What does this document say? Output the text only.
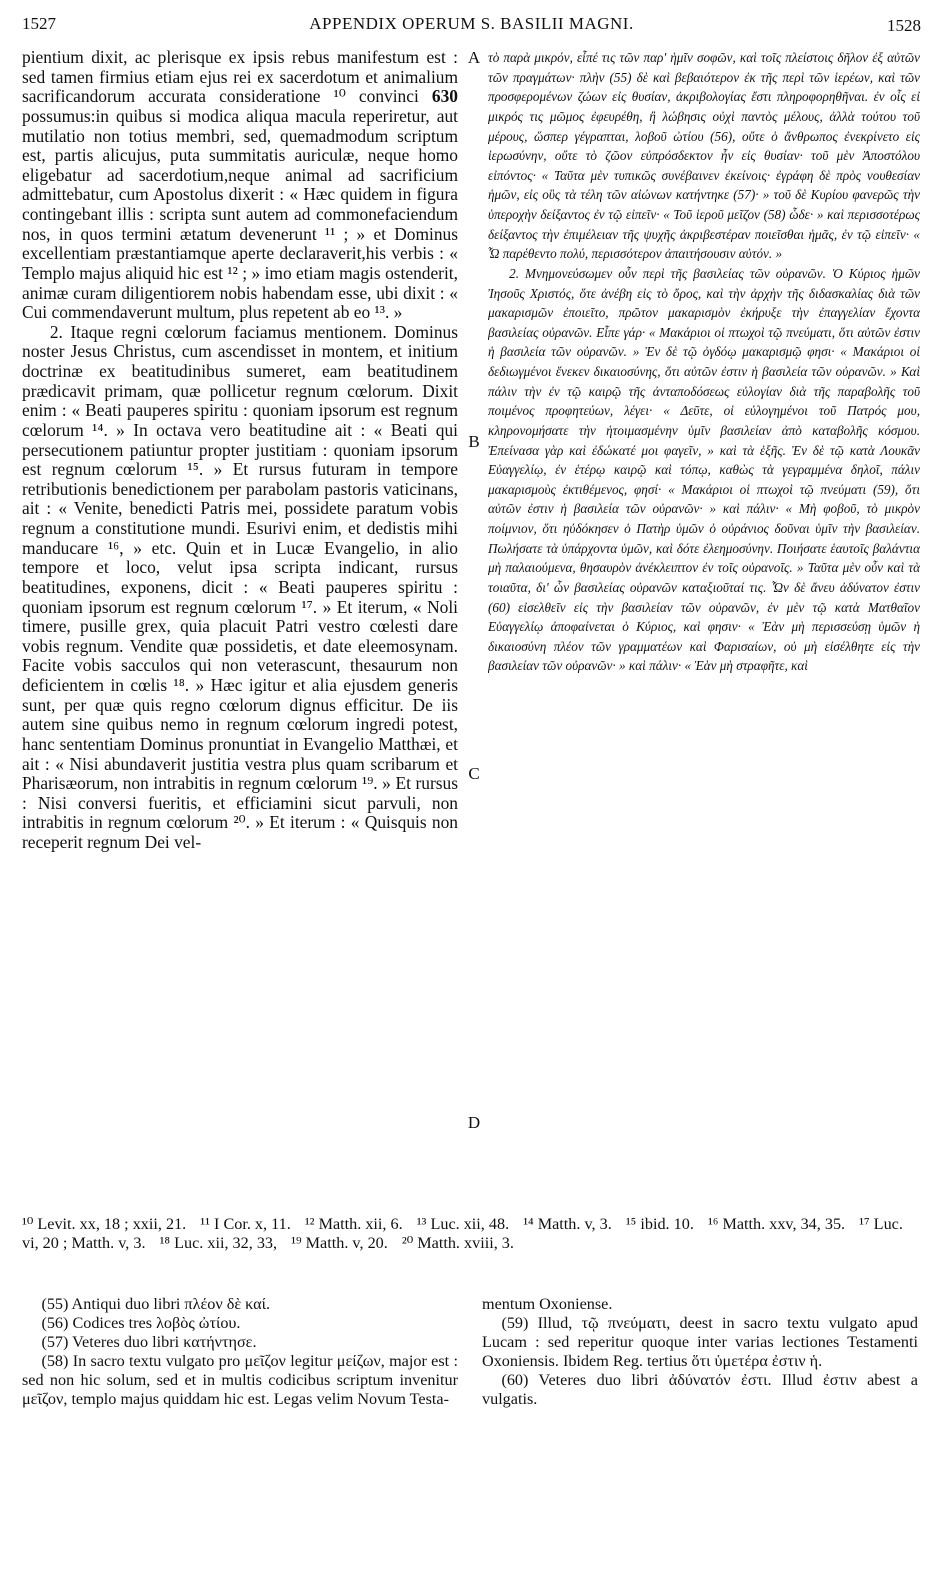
1527	APPENDIX OPERUM S. BASILII MAGNI.	1528

pientium dixit, ac plerisque ex ipsis rebus manifestum est : sed tamen firmius etiam ejus rei ex sacerdotum et animalium sacrificandorum accurata consideratione ¹⁰ convinci 630 possumus:in quibus si modica aliqua macula reperiretur, aut mutilatio non totius membri, sed, quemadmodum scriptum est, partis alicujus, puta summitatis auriculæ, neque homo eligebatur ad sacerdotium,neque animal ad sacrificium admittebatur, cum Apostolus dixerit : « Hæc quidem in figura contingebant illis : scripta sunt autem ad commonefaciendum nos, in quos termini ætatum devenerunt ¹¹ ; » et Dominus excellentiam præstantiamque aperte declaraverit,his verbis : « Templo majus aliquid hic est ¹² ; » imo etiam magis ostenderit, animæ curam diligentiorem nobis habendam esse, ubi dixit : « Cui commendaverunt multum, plus repetent ab eo ¹³. »

2. Itaque regni cœlorum faciamus mentionem. Dominus noster Jesus Christus, cum ascendisset in montem, et initium doctrinæ ex beatitudinibus sumeret, eam beatitudinem prædicavit primam, quæ pollicetur regnum cœlorum. Dixit enim : « Beati pauperes spiritu : quoniam ipsorum est regnum cœlorum ¹⁴. » In octava vero beatitudine ait : « Beati qui persecutionem patiuntur propter justitiam : quoniam ipsorum est regnum cœlorum ¹⁵. » Et rursus futuram in tempore retributionis benedictionem per parabolam pastoris vaticinans, ait : « Venite, benedicti Patris mei, possidete paratum vobis regnum a constitutione mundi. Esurivi enim, et dedistis mihi manducare ¹⁶, » etc. Quin et in Lucæ Evangelio, in alio tempore et loco, velut ipsa scripta indicant, rursus beatitudines, exponens, dicit : « Beati pauperes spiritu : quoniam ipsorum est regnum cœlorum ¹⁷. » Et iterum, « Noli timere, pusille grex, quia placuit Patri vestro cœlesti dare vobis regnum. Vendite quæ possidetis, et date eleemosynam. Facite vobis sacculos qui non veterascunt, thesaurum non deficientem in cœlis ¹⁸. » Hæc igitur et alia ejusdem generis sunt, per quæ quis regno cœlorum dignus efficitur. De iis autem sine quibus nemo in regnum cœlorum ingredi potest, hanc sententiam Dominus pronuntiat in Evangelio Matthæi, et ait : « Nisi abundaverit justitia vestra plus quam scribarum et Pharisæorum, non intrabitis in regnum cœlorum ¹⁹. » Et rursus : Nisi conversi fueritis, et efficiamini sicut parvuli, non intrabitis in regnum cœlorum ²⁰. » Et iterum : « Quisquis non receperit regnum Dei vel-

A
B
C
D

τὸ παρὰ μικρόν, εἶπέ τις τῶν παρ' ἡμῖν σοφῶν, καὶ τοῖς πλείστοις δῆλον ἐξ αὐτῶν τῶν πραγμάτων· πλὴν (55) δὲ καὶ βεβαιότερον ἐκ τῆς περὶ τῶν ἱερέων, καὶ τῶν προσφερομένων ζώων εἰς θυσίαν, ἀκριβολογίας ἔστι πληροφορηθῆναι. ἐν οἷς εἰ μικρός τις μῶμος ἐφευρέθη, ἢ λώβησις οὐχὶ παντὸς μέλους, ἀλλὰ τούτου τοῦ μέρους, ὥσπερ γέγραπται, λοβοῦ ὠτίου (56), οὔτε ὁ ἄνθρωπος ἐνεκρίνετο εἰς ἱερωσύνην, οὔτε τὸ ζῶον εὐπρόσδεκτον ἦν εἰς θυσίαν· τοῦ μὲν Ἀποστόλου εἰπόντος· « Ταῦτα μὲν τυπικῶς συνέβαινεν ἐκείνοις· ἐγράφη δὲ πρὸς νουθεσίαν ἡμῶν, εἰς οὓς τὰ τέλη τῶν αἰώνων κατήντηκε (57)· » τοῦ δὲ Κυρίου φανερῶς τὴν ὑπεροχὴν δείξαντος ἐν τῷ εἰπεῖν· « Τοῦ ἱεροῦ μεῖζον (58) ὧδε· » καὶ περισσοτέρως δείξαντος τὴν ἐπιμέλειαν τῆς ψυχῆς ἀκριβεστέραν ποιεῖσθαι ἡμᾶς, ἐν τῷ εἰπεῖν· « Ὧ παρέθεντο πολύ, περισσότερον ἀπαιτήσουσιν αὐτόν. »

2. Μνημονεύσωμεν οὖν περὶ τῆς βασιλείας τῶν οὐρανῶν. Ὁ Κύριος ἡμῶν Ἰησοῦς Χριστός, ὅτε ἀνέβη εἰς τὸ ὄρος, καὶ τὴν ἀρχὴν τῆς διδασκαλίας διὰ τῶν μακαρισμῶν ἐποιεῖτο, πρῶτον μακαρισμὸν ἐκήρυξε τὴν ἐπαγγελίαν ἔχοντα βασιλείας οὐρανῶν. Εἶπε γάρ· « Μακάριοι οἱ πτωχοὶ τῷ πνεύματι, ὅτι αὐτῶν ἐστιν ἡ βασιλεία τῶν οὐρανῶν. » Ἐν δὲ τῷ ὀγδόῳ μακαρισμῷ φησι· « Μακάριοι οἱ δεδιωγμένοι ἕνεκεν δικαιοσύνης, ὅτι αὐτῶν ἐστιν ἡ βασιλεία τῶν οὐρανῶν. » Καὶ πάλιν τὴν ἐν τῷ καιρῷ τῆς ἀνταποδόσεως εὐλογίαν διὰ τῆς παραβολῆς τοῦ ποιμένος προφητεύων, λέγει· « Δεῦτε, οἱ εὐλογημένοι τοῦ Πατρός μου, κληρονομήσατε τὴν ἡτοιμασμένην ὑμῖν βασιλείαν ἀπὸ καταβολῆς κόσμου. Ἐπείνασα γὰρ καὶ ἐδώκατέ μοι φαγεῖν, » καὶ τὰ ἑξῆς. Ἐν δὲ τῷ κατὰ Λουκᾶν Εὐαγγελίῳ, ἐν ἑτέρῳ καιρῷ καὶ τόπῳ, καθὼς τὰ γεγραμμένα δηλοῖ, πάλιν μακαρισμοὺς ἐκτιθέμενος, φησί· « Μακάριοι οἱ πτωχοὶ τῷ πνεύματι (59), ὅτι αὐτῶν ἐστιν ἡ βασιλεία τῶν οὐρανῶν· » καὶ πάλιν· « Μὴ φοβοῦ, τὸ μικρὸν ποίμνιον, ὅτι ηὐδόκησεν ὁ Πατὴρ ὑμῶν ὁ οὐράνιος δοῦναι ὑμῖν τὴν βασιλείαν. Πωλήσατε τὰ ὑπάρχοντα ὑμῶν, καὶ δότε ἐλεημοσύνην. Ποιήσατε ἑαυτοῖς βαλάντια μὴ παλαιούμενα, θησαυρὸν ἀνέκλειπτον ἐν τοῖς οὐρανοῖς. » Ταῦτα μὲν οὖν καὶ τὰ τοιαῦτα, δι' ὧν βασιλείας οὐρανῶν καταξιοῦταί τις. Ὧν δὲ ἄνευ ἀδύνατον ἐστιν (60) εἰσελθεῖν εἰς τὴν βασιλείαν τῶν οὐρανῶν, ἐν μὲν τῷ κατὰ Ματθαῖον Εὐαγγελίῳ ἀποφαίνεται ὁ Κύριος, καὶ φησιν· « Ἐὰν μὴ περισσεύσῃ ὑμῶν ἡ δικαιοσύνη πλέον τῶν γραμματέων καὶ Φαρισαίων, οὐ μὴ εἰσέλθητε εἰς τὴν βασιλείαν τῶν οὐρανῶν· » καὶ πάλιν· « Ἐὰν μὴ στραφῆτε, καὶ

¹⁰ Levit. xx, 18 ; xxii, 21. ¹¹ I Cor. x, 11. ¹² Matth. xii, 6. ¹³ Luc. xii, 48. ¹⁴ Matth. v, 3. ¹⁵ ibid. 10. ¹⁶ Matth. xxv, 34, 35. ¹⁷ Luc. vi, 20 ; Matth. v, 3. ¹⁸ Luc. xii, 32, 33, ¹⁹ Matth. v, 20. ²⁰ Matth. xviii, 3.

(55) Antiqui duo libri πλέον δὲ καί.

(56) Codices tres λοβὸς ὠτίου.

(57) Veteres duo libri κατήντησε.

(58) In sacro textu vulgato pro μεῖζον legitur μείζων, major est : sed non hic solum, sed et in multis codicibus scriptum invenitur μεῖζον, templo majus quiddam hic est. Legas velim Novum Testa-

mentum Oxoniense.

(59) Illud, τῷ πνεύματι, deest in sacro textu vulgato apud Lucam : sed reperitur quoque inter varias lectiones Testamenti Oxoniensis. Ibidem Reg. tertius ὅτι ὑμετέρα ἐστιν ἡ.

(60) Veteres duo libri ἀδύνατόν ἐστι. Illud ἐστιν abest a vulgatis.
